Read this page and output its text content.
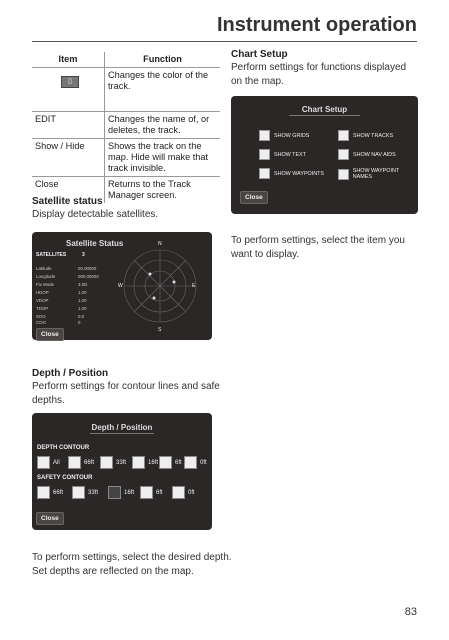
Instrument operation
Item	Function
▯	Changes the color of the track.
EDIT	Changes the name of, or deletes, the track.
Show / Hide	Shows the track on the map. Hide will make that track invisible.
Close	Returns to the Track Manager screen.
Satellite status
Display detectable satellites.
Satellite Status
SATELLITES	3
Latitude	00.00000
Longitude	000.00000
Fix Mode	3.0D
HDOP	1.00
VDOP	1.00
TDOP	1.00
SOG	0.0
COG	0
N
S
W	E
Close
Depth / Position
Perform settings for contour lines and safe depths.
Depth / Position
DEPTH CONTOUR
All	66ft	33ft	16ft	6ft	0ft
SAFETY CONTOUR
66ft	33ft	16ft	6ft	0ft
Close
To perform settings, select the desired depth.
Set depths are reflected on the map.
Chart Setup
Perform settings for functions displayed on the map.
Chart Setup
SHOW GRIDS	SHOW TRACKS
SHOW TEXT	SHOW NAV AIDS
SHOW WAYPOINTS	SHOW WAYPOINT NAMES
Close
To perform settings, select the item you want to display.
83
